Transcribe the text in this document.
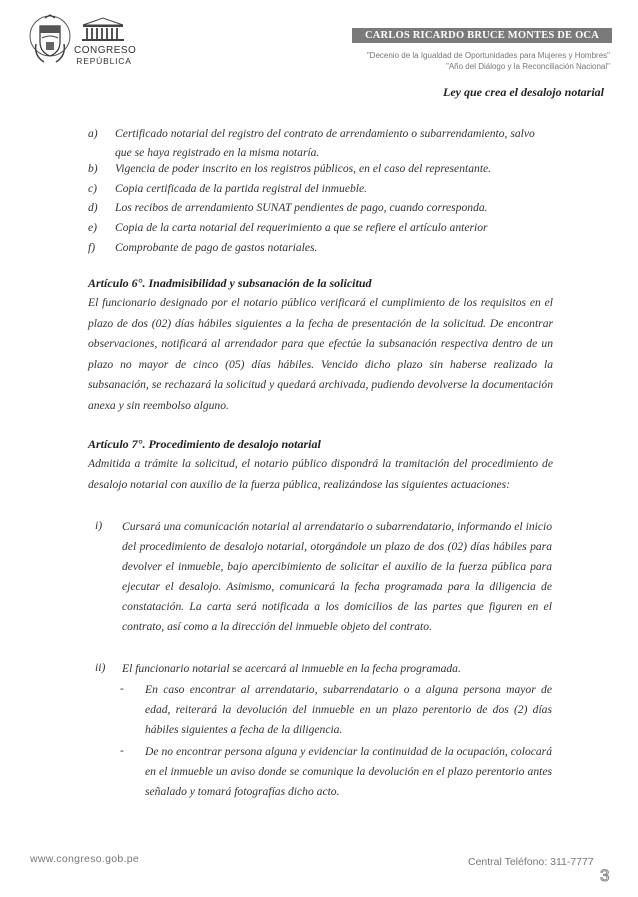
CONGRESO
REPÚBLICA
CARLOS RICARDO BRUCE MONTES DE OCA
"Decenio de la Igualdad de Oportunidades para Mujeres y Hombres"
"Año del Diálogo y la Reconciliación Nacional"
Ley que crea el desalojo notarial
a) Certificado notarial del registro del contrato de arrendamiento o subarrendamiento, salvo
que se haya registrado en la misma notaría.
b) Vigencia de poder inscrito en los registros públicos, en el caso del representante.
c) Copia certificada de la partida registral del inmueble.
d) Los recibos de arrendamiento SUNAT pendientes de pago, cuando corresponda.
e) Copia de la carta notarial del requerimiento a que se refiere el artículo anterior
f) Comprobante de pago de gastos notariales.
Artículo 6°. Inadmisibilidad y subsanación de la solicitud
El funcionario designado por el notario público verificará el cumplimiento de los requisitos en el plazo de dos (02) días hábiles siguientes a la fecha de presentación de la solicitud. De encontrar observaciones, notificará al arrendador para que efectúe la subsanación respectiva dentro de un plazo no mayor de cinco (05) días hábiles. Vencido dicho plazo sin haberse realizado la subsanación, se rechazará la solicitud y quedará archivada, pudiendo devolverse la documentación anexa y sin reembolso alguno.
Artículo 7°. Procedimiento de desalojo notarial
Admitida a trámite la solicitud, el notario público dispondrá la tramitación del procedimiento de desalojo notarial con auxilio de la fuerza pública, realizándose las siguientes actuaciones:
i) Cursará una comunicación notarial al arrendatario o subarrendatario, informando el inicio del procedimiento de desalojo notarial, otorgándole un plazo de dos (02) días hábiles para devolver el inmueble, bajo apercibimiento de solicitar el auxilio de la fuerza pública para ejecutar el desalojo. Asimismo, comunicará la fecha programada para la diligencia de constatación. La carta será notificada a los domicilios de las partes que figuren en el contrato, así como a la dirección del inmueble objeto del contrato.
ii) El funcionario notarial se acercará al inmueble en la fecha programada.
- En caso encontrar al arrendatario, subarrendatario o a alguna persona mayor de edad, reiterará la devolución del inmueble en un plazo perentorio de dos (2) días hábiles siguientes a fecha de la diligencia.
- De no encontrar persona alguna y evidenciar la continuidad de la ocupación, colocará en el inmueble un aviso donde se comunique la devolución en el plazo perentorio antes señalado y tomará fotografías dicho acto.
www.congreso.gob.pe	Central Teléfono: 311-7777
3
